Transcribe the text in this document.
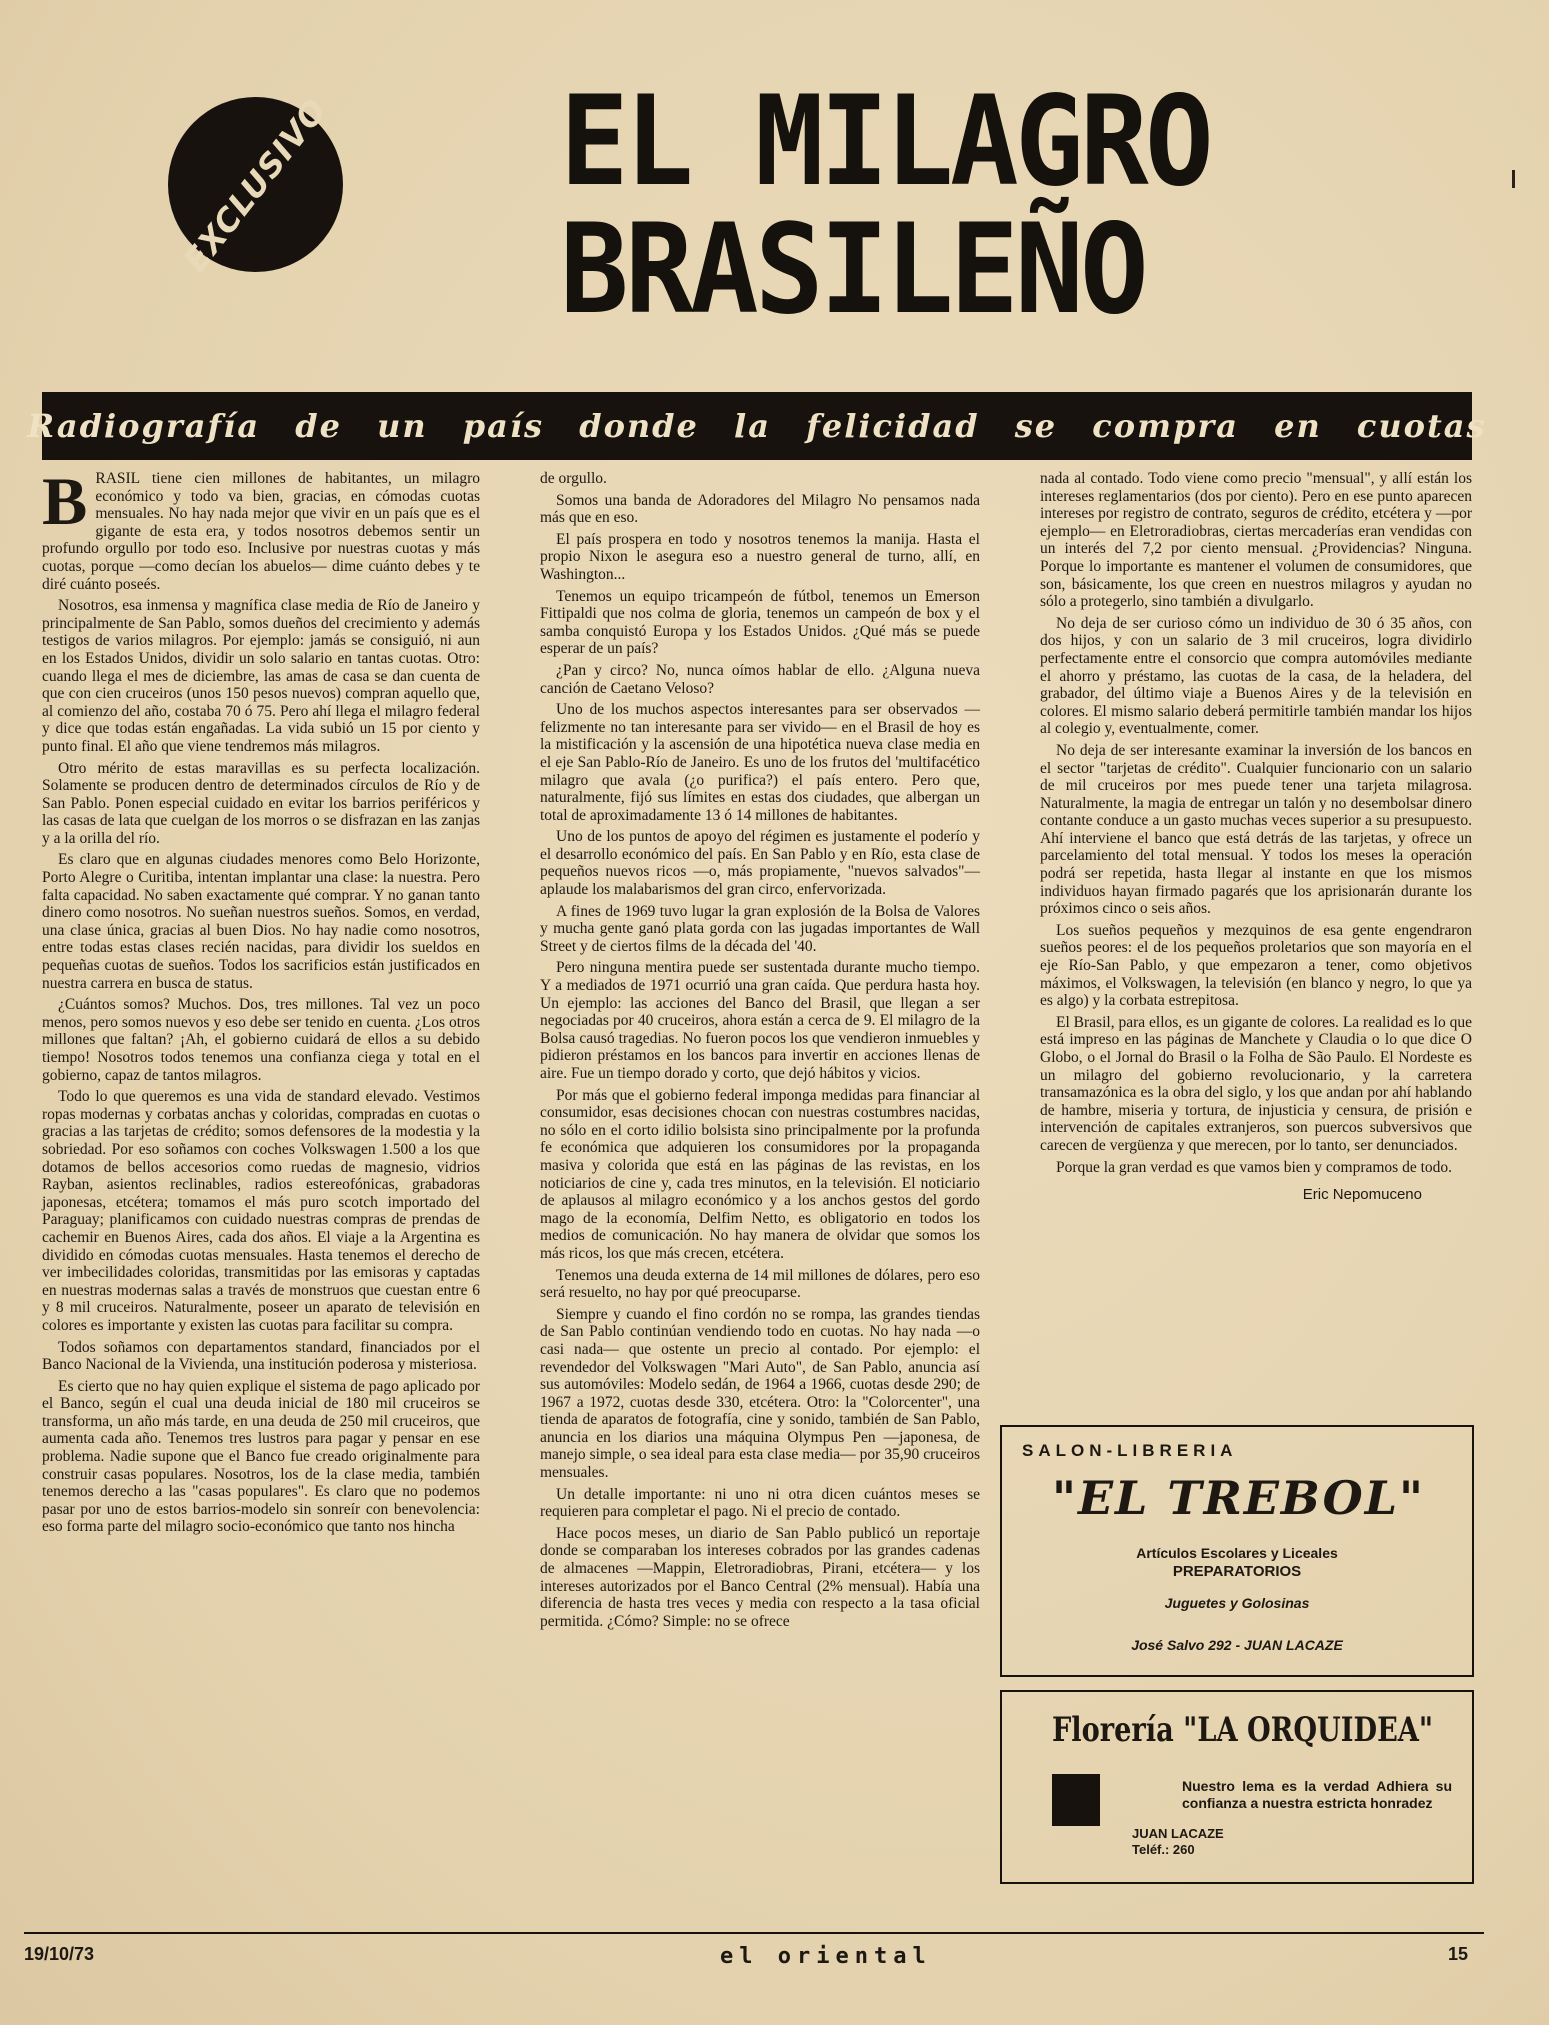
EXCLUSIVO EL MILAGRO
BRASILEÑO
Radiografía de un país donde la felicidad se compra en cuotas
B RASIL tiene cien millones de habitantes, un milagro económico y todo va bien, gracias, en cómodas cuotas mensuales. No hay nada mejor que vivir en un país que es el gigante de esta era, y todos nosotros debemos sentir un profundo orgullo por todo eso. Inclusive por nuestras cuotas y más cuotas, porque —como decían los abuelos— dime cuánto debes y te diré cuánto poseés.

Nosotros, esa inmensa y magnífica clase media de Río de Janeiro y principalmente de San Pablo, somos dueños del crecimiento y además testigos de varios milagros. Por ejemplo: jamás se consiguió, ni aun en los Estados Unidos, dividir un solo salario en tantas cuotas. Otro: cuando llega el mes de diciembre, las amas de casa se dan cuenta de que con cien cruceiros (unos 150 pesos nuevos) compran aquello que, al comienzo del año, costaba 70 ó 75. Pero ahí llega el milagro federal y dice que todas están engañadas. La vida subió un 15 por ciento y punto final. El año que viene tendremos más milagros.

Otro mérito de estas maravillas es su perfecta localización. Solamente se producen dentro de determinados círculos de Río y de San Pablo. Ponen especial cuidado en evitar los barrios periféricos y las casas de lata que cuelgan de los morros o se disfrazan en las zanjas y a la orilla del río.

Es claro que en algunas ciudades menores como Belo Horizonte, Porto Alegre o Curitiba, intentan implantar una clase: la nuestra. Pero falta capacidad. No saben exactamente qué comprar. Y no ganan tanto dinero como nosotros. No sueñan nuestros sueños. Somos, en verdad, una clase única, gracias al buen Dios. No hay nadie como nosotros, entre todas estas clases recién nacidas, para dividir los sueldos en pequeñas cuotas de sueños. Todos los sacrificios están justificados en nuestra carrera en busca de status.

¿Cuántos somos? Muchos. Dos, tres millones. Tal vez un poco menos, pero somos nuevos y eso debe ser tenido en cuenta. ¿Los otros millones que faltan? ¡Ah, el gobierno cuidará de ellos a su debido tiempo! Nosotros todos tenemos una confianza ciega y total en el gobierno, capaz de tantos milagros.

Todo lo que queremos es una vida de standard elevado. Vestimos ropas modernas y corbatas anchas y coloridas, compradas en cuotas o gracias a las tarjetas de crédito; somos defensores de la modestia y la sobriedad. Por eso soñamos con coches Volkswagen 1.500 a los que dotamos de bellos accesorios como ruedas de magnesio, vidrios Rayban, asientos reclinables, radios estereofónicas, grabadoras japonesas, etcétera; tomamos el más puro scotch importado del Paraguay; planificamos con cuidado nuestras compras de prendas de cachemir en Buenos Aires, cada dos años. El viaje a la Argentina es dividido en cómodas cuotas mensuales. Hasta tenemos el derecho de ver imbecilidades coloridas, transmitidas por las emisoras y captadas en nuestras modernas salas a través de monstruos que cuestan entre 6 y 8 mil cruceiros. Naturalmente, poseer un aparato de televisión en colores es importante y existen las cuotas para facilitar su compra.

Todos soñamos con departamentos standard, financiados por el Banco Nacional de la Vivienda, una institución poderosa y misteriosa.

Es cierto que no hay quien explique el sistema de pago aplicado por el Banco, según el cual una deuda inicial de 180 mil cruceiros se transforma, un año más tarde, en una deuda de 250 mil cruceiros, que aumenta cada año. Tenemos tres lustros para pagar y pensar en ese problema. Nadie supone que el Banco fue creado originalmente para construir casas populares. Nosotros, los de la clase media, también tenemos derecho a las "casas populares". Es claro que no podemos pasar por uno de estos barrios-modelo sin sonreír con benevolencia: eso forma parte del milagro socio-económico que tanto nos hincha

de orgullo.

Somos una banda de Adoradores del Milagro No pensamos nada más que en eso.

El país prospera en todo y nosotros tenemos la manija. Hasta el propio Nixon le asegura eso a nuestro general de turno, allí, en Washington...

Tenemos un equipo tricampeón de fútbol, tenemos un Emerson Fittipaldi que nos colma de gloria, tenemos un campeón de box y el samba conquistó Europa y los Estados Unidos. ¿Qué más se puede esperar de un país?

¿Pan y circo? No, nunca oímos hablar de ello. ¿Alguna nueva canción de Caetano Veloso?

Uno de los muchos aspectos interesantes para ser observados —felizmente no tan interesante para ser vivido— en el Brasil de hoy es la mistificación y la ascensión de una hipotética nueva clase media en el eje San Pablo-Río de Janeiro. Es uno de los frutos del 'multifacético milagro que avala (¿o purifica?) el país entero. Pero que, naturalmente, fijó sus límites en estas dos ciudades, que albergan un total de aproximadamente 13 ó 14 millones de habitantes.

Uno de los puntos de apoyo del régimen es justamente el poderío y el desarrollo económico del país. En San Pablo y en Río, esta clase de pequeños nuevos ricos —o, más propiamente, "nuevos salvados"— aplaude los malabarismos del gran circo, enfervorizada.

A fines de 1969 tuvo lugar la gran explosión de la Bolsa de Valores y mucha gente ganó plata gorda con las jugadas importantes de Wall Street y de ciertos films de la década del '40.

Pero ninguna mentira puede ser sustentada durante mucho tiempo. Y a mediados de 1971 ocurrió una gran caída. Que perdura hasta hoy. Un ejemplo: las acciones del Banco del Brasil, que llegan a ser negociadas por 40 cruceiros, ahora están a cerca de 9. El milagro de la Bolsa causó tragedias. No fueron pocos los que vendieron inmuebles y pidieron préstamos en los bancos para invertir en acciones llenas de aire. Fue un tiempo dorado y corto, que dejó hábitos y vicios.

Por más que el gobierno federal imponga medidas para financiar al consumidor, esas decisiones chocan con nuestras costumbres nacidas, no sólo en el corto idilio bolsista sino principalmente por la profunda fe económica que adquieren los consumidores por la propaganda masiva y colorida que está en las páginas de las revistas, en los noticiarios de cine y, cada tres minutos, en la televisión. El noticiario de aplausos al milagro económico y a los anchos gestos del gordo mago de la economía, Delfim Netto, es obligatorio en todos los medios de comunicación. No hay manera de olvidar que somos los más ricos, los que más crecen, etcétera.

Tenemos una deuda externa de 14 mil millones de dólares, pero eso será resuelto, no hay por qué preocuparse.

Siempre y cuando el fino cordón no se rompa, las grandes tiendas de San Pablo continúan vendiendo todo en cuotas. No hay nada —o casi nada— que ostente un precio al contado. Por ejemplo: el revendedor del Volkswagen "Mari Auto", de San Pablo, anuncia así sus automóviles: Modelo sedán, de 1964 a 1966, cuotas desde 290; de 1967 a 1972, cuotas desde 330, etcétera. Otro: la "Colorcenter", una tienda de aparatos de fotografía, cine y sonido, también de San Pablo, anuncia en los diarios una máquina Olympus Pen —japonesa, de manejo simple, o sea ideal para esta clase media— por 35,90 cruceiros mensuales.

Un detalle importante: ni uno ni otra dicen cuántos meses se requieren para completar el pago. Ni el precio de contado.

Hace pocos meses, un diario de San Pablo publicó un reportaje donde se comparaban los intereses cobrados por las grandes cadenas de almacenes —Mappin, Eletroradiobras, Pirani, etcétera— y los intereses autorizados por el Banco Central (2% mensual). Había una diferencia de hasta tres veces y media con respecto a la tasa oficial permitida. ¿Cómo? Simple: no se ofrece

nada al contado. Todo viene como precio "mensual", y allí están los intereses reglamentarios (dos por ciento). Pero en ese punto aparecen intereses por registro de contrato, seguros de crédito, etcétera y —por ejemplo— en Eletroradiobras, ciertas mercaderías eran vendidas con un interés del 7,2 por ciento mensual. ¿Providencias? Ninguna. Porque lo importante es mantener el volumen de consumidores, que son, básicamente, los que creen en nuestros milagros y ayudan no sólo a protegerlo, sino también a divulgarlo.

No deja de ser curioso cómo un individuo de 30 ó 35 años, con dos hijos, y con un salario de 3 mil cruceiros, logra dividirlo perfectamente entre el consorcio que compra automóviles mediante el ahorro y préstamo, las cuotas de la casa, de la heladera, del grabador, del último viaje a Buenos Aires y de la televisión en colores. El mismo salario deberá permitirle también mandar los hijos al colegio y, eventualmente, comer.

No deja de ser interesante examinar la inversión de los bancos en el sector "tarjetas de crédito". Cualquier funcionario con un salario de mil cruceiros por mes puede tener una tarjeta milagrosa. Naturalmente, la magia de entregar un talón y no desembolsar dinero contante conduce a un gasto muchas veces superior a su presupuesto. Ahí interviene el banco que está detrás de las tarjetas, y ofrece un parcelamiento del total mensual. Y todos los meses la operación podrá ser repetida, hasta llegar al instante en que los mismos individuos hayan firmado pagarés que los aprisionarán durante los próximos cinco o seis años.

Los sueños pequeños y mezquinos de esa gente engendraron sueños peores: el de los pequeños proletarios que son mayoría en el eje Río-San Pablo, y que empezaron a tener, como objetivos máximos, el Volkswagen, la televisión (en blanco y negro, lo que ya es algo) y la corbata estrepitosa.

El Brasil, para ellos, es un gigante de colores. La realidad es lo que está impreso en las páginas de Manchete y Claudia o lo que dice O Globo, o el Jornal do Brasil o la Folha de São Paulo. El Nordeste es un milagro del gobierno revolucionario, y la carretera transamazónica es la obra del siglo, y los que andan por ahí hablando de hambre, miseria y tortura, de injusticia y censura, de prisión e intervención de capitales extranjeros, son puercos subversivos que carecen de vergüenza y que merecen, por lo tanto, ser denunciados.

Porque la gran verdad es que vamos bien y compramos de todo.

Eric Nepomuceno
SALON-LIBRERIA
"EL TREBOL"
Artículos Escolares y Liceales
PREPARATORIOS
Juguetes y Golosinas
José Salvo 292 - JUAN LACAZE
Florería "LA ORQUIDEA"
Nuestro lema es la verdad Adhiera su confianza a nuestra estricta honradez
JUAN LACAZE
Teléf.: 260
19/10/73	el oriental	15
